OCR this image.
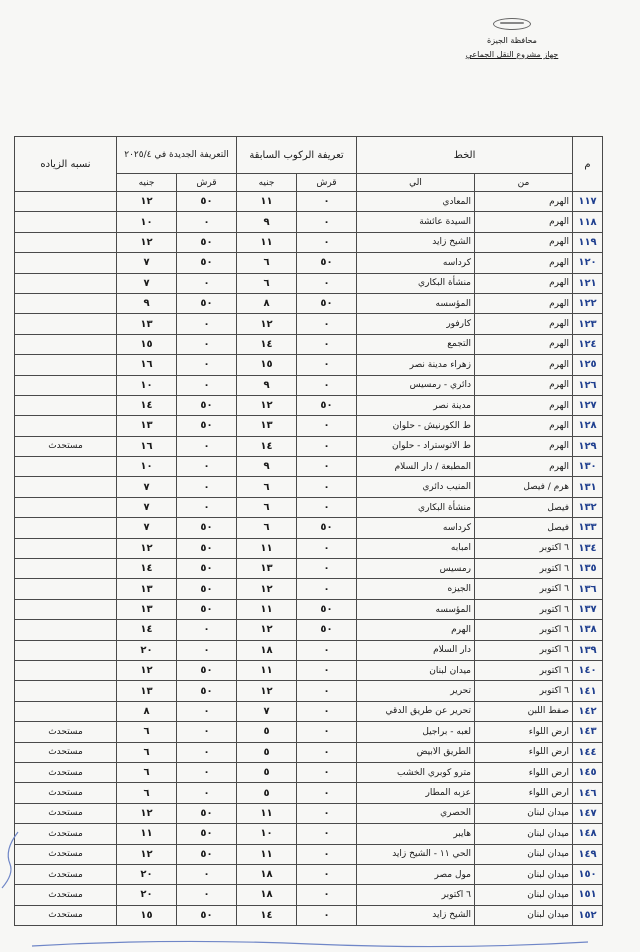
محافظة الجيزة
جهاز مشروع النقل الجماعي
م	الخط		تعريفة الركوب السابقة		التعريفة الجديدة في ٢٠٢٥/٤		نسبه الزياده
	من	الي	قرش	جنيه	قرش	جنيه	
١١٧	الهرم	المعادي	٠	١١	٥٠	١٢	
١١٨	الهرم	السيدة عائشة	٠	٩	٠	١٠	
١١٩	الهرم	الشيخ زايد	٠	١١	٥٠	١٢	
١٢٠	الهرم	كرداسه	٥٠	٦	٥٠	٧	
١٢١	الهرم	منشأة البكاري	٠	٦	٠	٧	
١٢٢	الهرم	المؤسسه	٥٠	٨	٥٠	٩	
١٢٣	الهرم	كارفور	٠	١٢	٠	١٣	
١٢٤	الهرم	التجمع	٠	١٤	٠	١٥	
١٢٥	الهرم	زهراء مدينة نصر	٠	١٥	٠	١٦	
١٢٦	الهرم	دائري - رمسيس	٠	٩	٠	١٠	
١٢٧	الهرم	مدينة نصر	٥٠	١٢	٥٠	١٤	
١٢٨	الهرم	ط الكورنيش - حلوان	٠	١٣	٥٠	١٣	
١٢٩	الهرم	ط الاتوستراد - حلوان	٠	١٤	٠	١٦	مستحدث
١٣٠	الهرم	المطبعة / دار السلام	٠	٩	٠	١٠	
١٣١	هرم / فيصل	المنيب دائري	٠	٦	٠	٧	
١٣٢	فيصل	منشأة البكاري	٠	٦	٠	٧	
١٣٣	فيصل	كرداسه	٥٠	٦	٥٠	٧	
١٣٤	٦ اكتوبر	امبابه	٠	١١	٥٠	١٢	
١٣٥	٦ اكتوبر	رمسيس	٠	١٣	٥٠	١٤	
١٣٦	٦ اكتوبر	الجيزه	٠	١٢	٥٠	١٣	
١٣٧	٦ اكتوبر	المؤسسه	٥٠	١١	٥٠	١٣	
١٣٨	٦ اكتوبر	الهرم	٥٠	١٢	٠	١٤	
١٣٩	٦ اكتوبر	دار السلام	٠	١٨	٠	٢٠	
١٤٠	٦ اكتوبر	ميدان لبنان	٠	١١	٥٠	١٢	
١٤١	٦ اكتوبر	تحرير	٠	١٢	٥٠	١٣	
١٤٢	صفط اللبن	تحرير عن طريق الدقي	٠	٧	٠	٨	
١٤٣	ارض اللواء	لعبه - براجيل	٠	٥	٠	٦	مستحدث
١٤٤	ارض اللواء	الطريق الابيض	٠	٥	٠	٦	مستحدث
١٤٥	ارض اللواء	مترو كوبري الخشب	٠	٥	٠	٦	مستحدث
١٤٦	ارض اللواء	عزبه المطار	٠	٥	٠	٦	مستحدث
١٤٧	ميدان لبنان	الحصري	٠	١١	٥٠	١٢	مستحدث
١٤٨	ميدان لبنان	هايبر	٠	١٠	٥٠	١١	مستحدث
١٤٩	ميدان لبنان	الحي ١١ - الشيخ زايد	٠	١١	٥٠	١٢	مستحدث
١٥٠	ميدان لبنان	مول مصر	٠	١٨	٠	٢٠	مستحدث
١٥١	ميدان لبنان	٦ اكتوبر	٠	١٨	٠	٢٠	مستحدث
١٥٢	ميدان لبنان	الشيخ زايد	٠	١٤	٥٠	١٥	مستحدث
